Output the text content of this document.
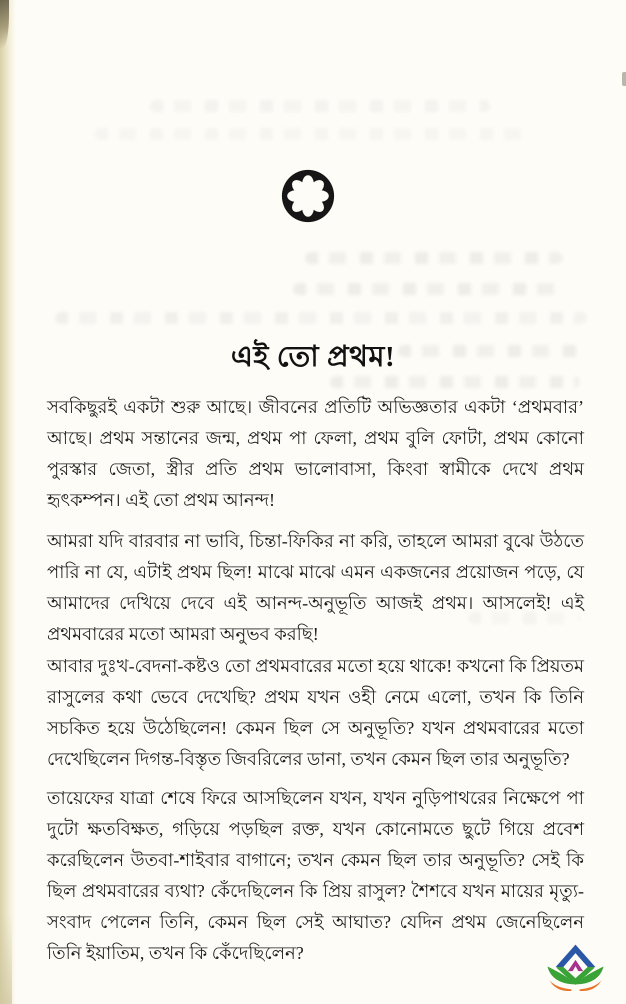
এই তো প্রথম!

সবকিছুরই একটা শুরু আছে। জীবনের প্রতিটি অভিজ্ঞতার একটা ‘প্রথমবার’ আছে। প্রথম সন্তানের জন্ম, প্রথম পা ফেলা, প্রথম বুলি ফোটা, প্রথম কোনো পুরস্কার জেতা, স্ত্রীর প্রতি প্রথম ভালোবাসা, কিংবা স্বামীকে দেখে প্রথম হৃৎকম্পন। এই তো প্রথম আনন্দ!

আমরা যদি বারবার না ভাবি, চিন্তা-ফিকির না করি, তাহলে আমরা বুঝে উঠতে পারি না যে, এটাই প্রথম ছিল! মাঝে মাঝে এমন একজনের প্রয়োজন পড়ে, যে আমাদের দেখিয়ে দেবে এই আনন্দ-অনুভূতি আজই প্রথম। আসলেই! এই প্রথমবারের মতো আমরা অনুভব করছি!

আবার দুঃখ-বেদনা-কষ্টও তো প্রথমবারের মতো হয়ে থাকে! কখনো কি প্রিয়তম রাসুলের কথা ভেবে দেখেছি? প্রথম যখন ওহী নেমে এলো, তখন কি তিনি সচকিত হয়ে উঠেছিলেন! কেমন ছিল সে অনুভূতি? যখন প্রথমবারের মতো দেখেছিলেন দিগন্ত-বিস্তৃত জিবরিলের ডানা, তখন কেমন ছিল তার অনুভূতি?

তায়েফের যাত্রা শেষে ফিরে আসছিলেন যখন, যখন নুড়িপাথরের নিক্ষেপে পা দুটো ক্ষতবিক্ষত, গড়িয়ে পড়ছিল রক্ত, যখন কোনোমতে ছুটে গিয়ে প্রবেশ করেছিলেন উতবা-শাইবার বাগানে; তখন কেমন ছিল তার অনুভূতি? সেই কি ছিল প্রথমবারের ব্যথা? কেঁদেছিলেন কি প্রিয় রাসুল? শৈশবে যখন মায়ের মৃত্যু-সংবাদ পেলেন তিনি, কেমন ছিল সেই আঘাত? যেদিন প্রথম জেনেছিলেন তিনি ইয়াতিম, তখন কি কেঁদেছিলেন?
